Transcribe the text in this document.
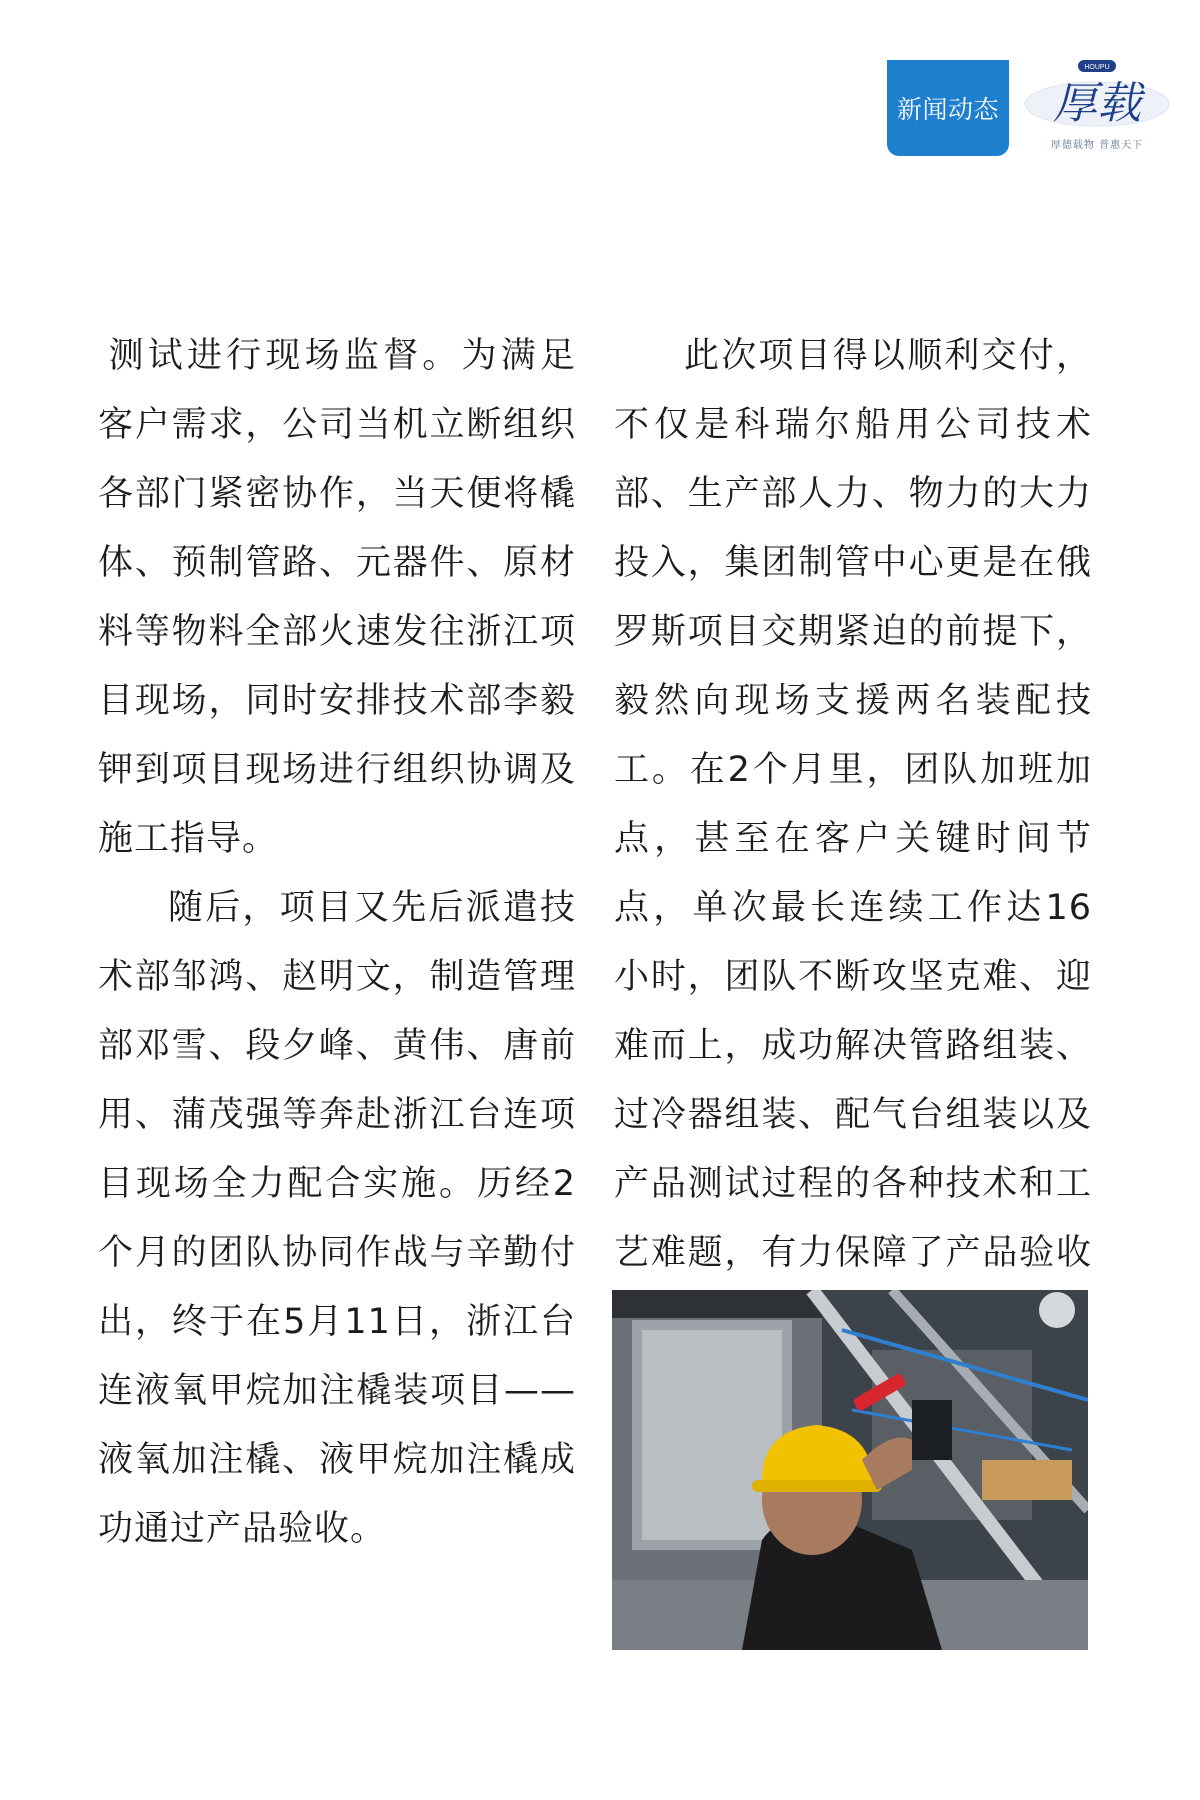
新闻动态
HOUPU
厚载
厚德载物 普惠天下

测试进行现场监督。为满足客户需求，公司当机立断组织各部门紧密协作，当天便将橇体、预制管路、元器件、原材料等物料全部火速发往浙江项目现场，同时安排技术部李毅钾到项目现场进行组织协调及施工指导。

随后，项目又先后派遣技术部邹鸿、赵明文，制造管理部邓雪、段夕峰、黄伟、唐前用、蒲茂强等奔赴浙江台连项目现场全力配合实施。历经2个月的团队协同作战与辛勤付出，终于在5月11日，浙江台连液氧甲烷加注橇装项目——液氧加注橇、液甲烷加注橇成功通过产品验收。

此次项目得以顺利交付，不仅是科瑞尔船用公司技术部、生产部人力、物力的大力投入，集团制管中心更是在俄罗斯项目交期紧迫的前提下，毅然向现场支援两名装配技工。在2个月里，团队加班加点，甚至在客户关键时间节点，单次最长连续工作达16小时，团队不断攻坚克难、迎难而上，成功解决管路组装、过冷器组装、配气台组装以及产品测试过程的各种技术和工艺难题，有力保障了产品验收
